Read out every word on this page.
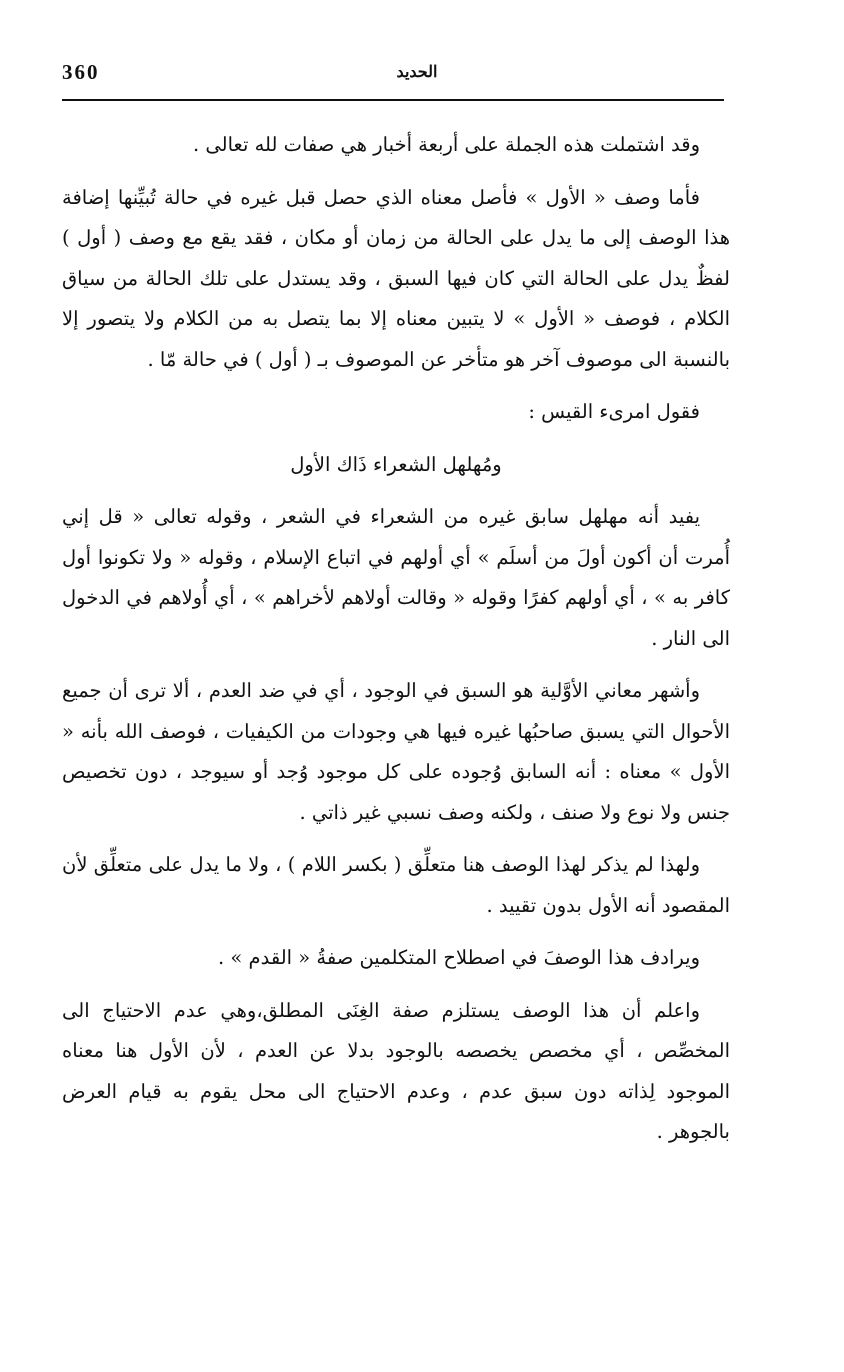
360	الحديد

وقد اشتملت هذه الجملة على أربعة أخبار هي صفات لله تعالى .

فأما وصف « الأول » فأصل معناه الذي حصل قبل غيره في حالة تُبيِّنها إضافة هذا الوصف إلى ما يدل على الحالة من زمان أو مكان ، فقد يقع مع وصف ( أول ) لفظٌ يدل على الحالة التي كان فيها السبق ، وقد يستدل على تلك الحالة من سياق الكلام ، فوصف « الأول » لا يتبين معناه إلا بما يتصل به من الكلام ولا يتصور إلا بالنسبة الى موصوف آخر هو متأخر عن الموصوف بـ ( أول ) في حالة مّا .

فقول امرىء القيس :

ومُهلهل الشعراء ذَاك الأول

يفيد أنه مهلهل سابق غيره من الشعراء في الشعر ، وقوله تعالى « قل إني أُمرت أن أكون أولَ من أسلَم » أي أولهم في اتباع الإسلام ، وقوله « ولا تكونوا أول كافر به » ، أي أولهم كفرًا وقوله « وقالت أولاهم لأخراهم » ، أي أُولاهم في الدخول الى النار .

وأشهر معاني الأوَّلية هو السبق في الوجود ، أي في ضد العدم ، ألا ترى أن جميع الأحوال التي يسبق صاحبُها غيره فيها هي وجودات من الكيفيات ، فوصف الله بأنه « الأول » معناه : أنه السابق وُجوده على كل موجود وُجد أو سيوجد ، دون تخصيص جنس ولا نوع ولا صنف ، ولكنه وصف نسبي غير ذاتي .

ولهذا لم يذكر لهذا الوصف هنا متعلِّق ( بكسر اللام ) ، ولا ما يدل على متعلِّق لأن المقصود أنه الأول بدون تقييد .

ويرادف هذا الوصفَ في اصطلاح المتكلمين صفةُ « القدم » .

واعلم أن هذا الوصف يستلزم صفة الغِنَى المطلق،وهي عدم الاحتياج الى المخصِّص ، أي مخصص يخصصه بالوجود بدلا عن العدم ، لأن الأول هنا معناه الموجود لِذاته دون سبق عدم ، وعدم الاحتياج الى محل يقوم به قيام العرض بالجوهر .
